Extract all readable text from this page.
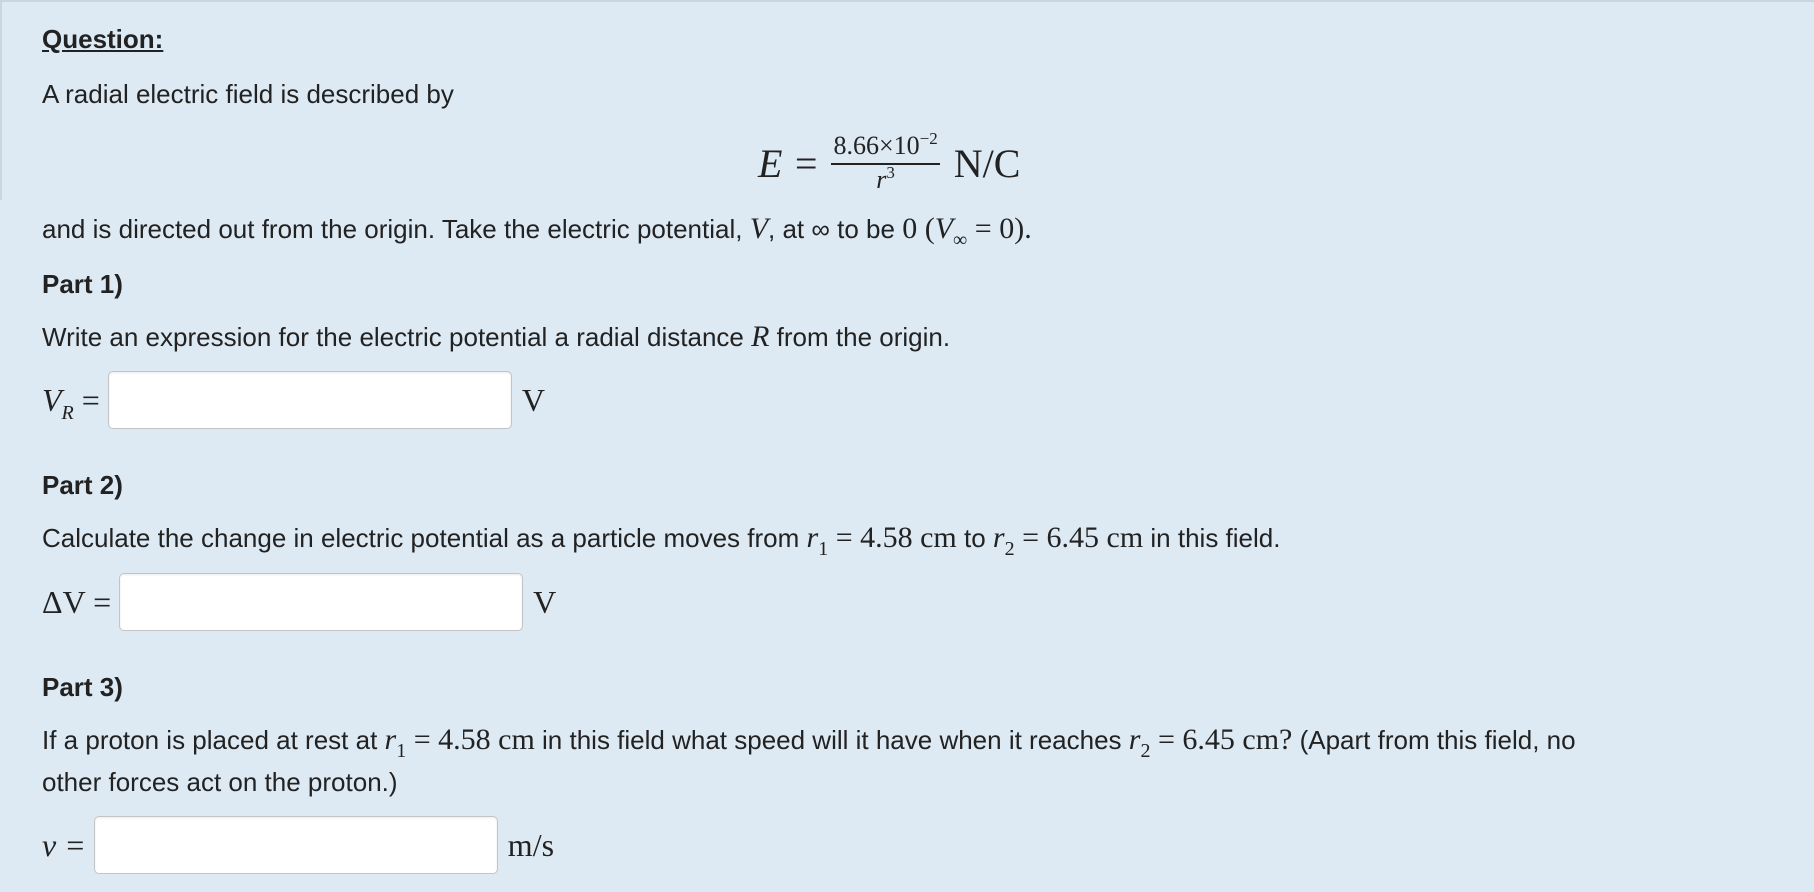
Question:
A radial electric field is described by
$E = \frac{8.66\times 10^{-2}}{r^3} N/C$
and is directed out from the origin. Take the electric potential, V, at ∞ to be 0 $(V_\infty = 0)$.
Part 1)
Write an expression for the electric potential a radial distance R from the origin.
$V_R$ =	V
Part 2)
Calculate the change in electric potential as a particle moves from $r_1 = 4.58$ cm to $r_2 = 6.45$ cm in this field.
ΔV =	V
Part 3)
If a proton is placed at rest at $r_1 = 4.58$ cm in this field what speed will it have when it reaches $r_2 = 6.45$ cm? (Apart from this field, no
other forces act on the proton.)
v =	m/s
